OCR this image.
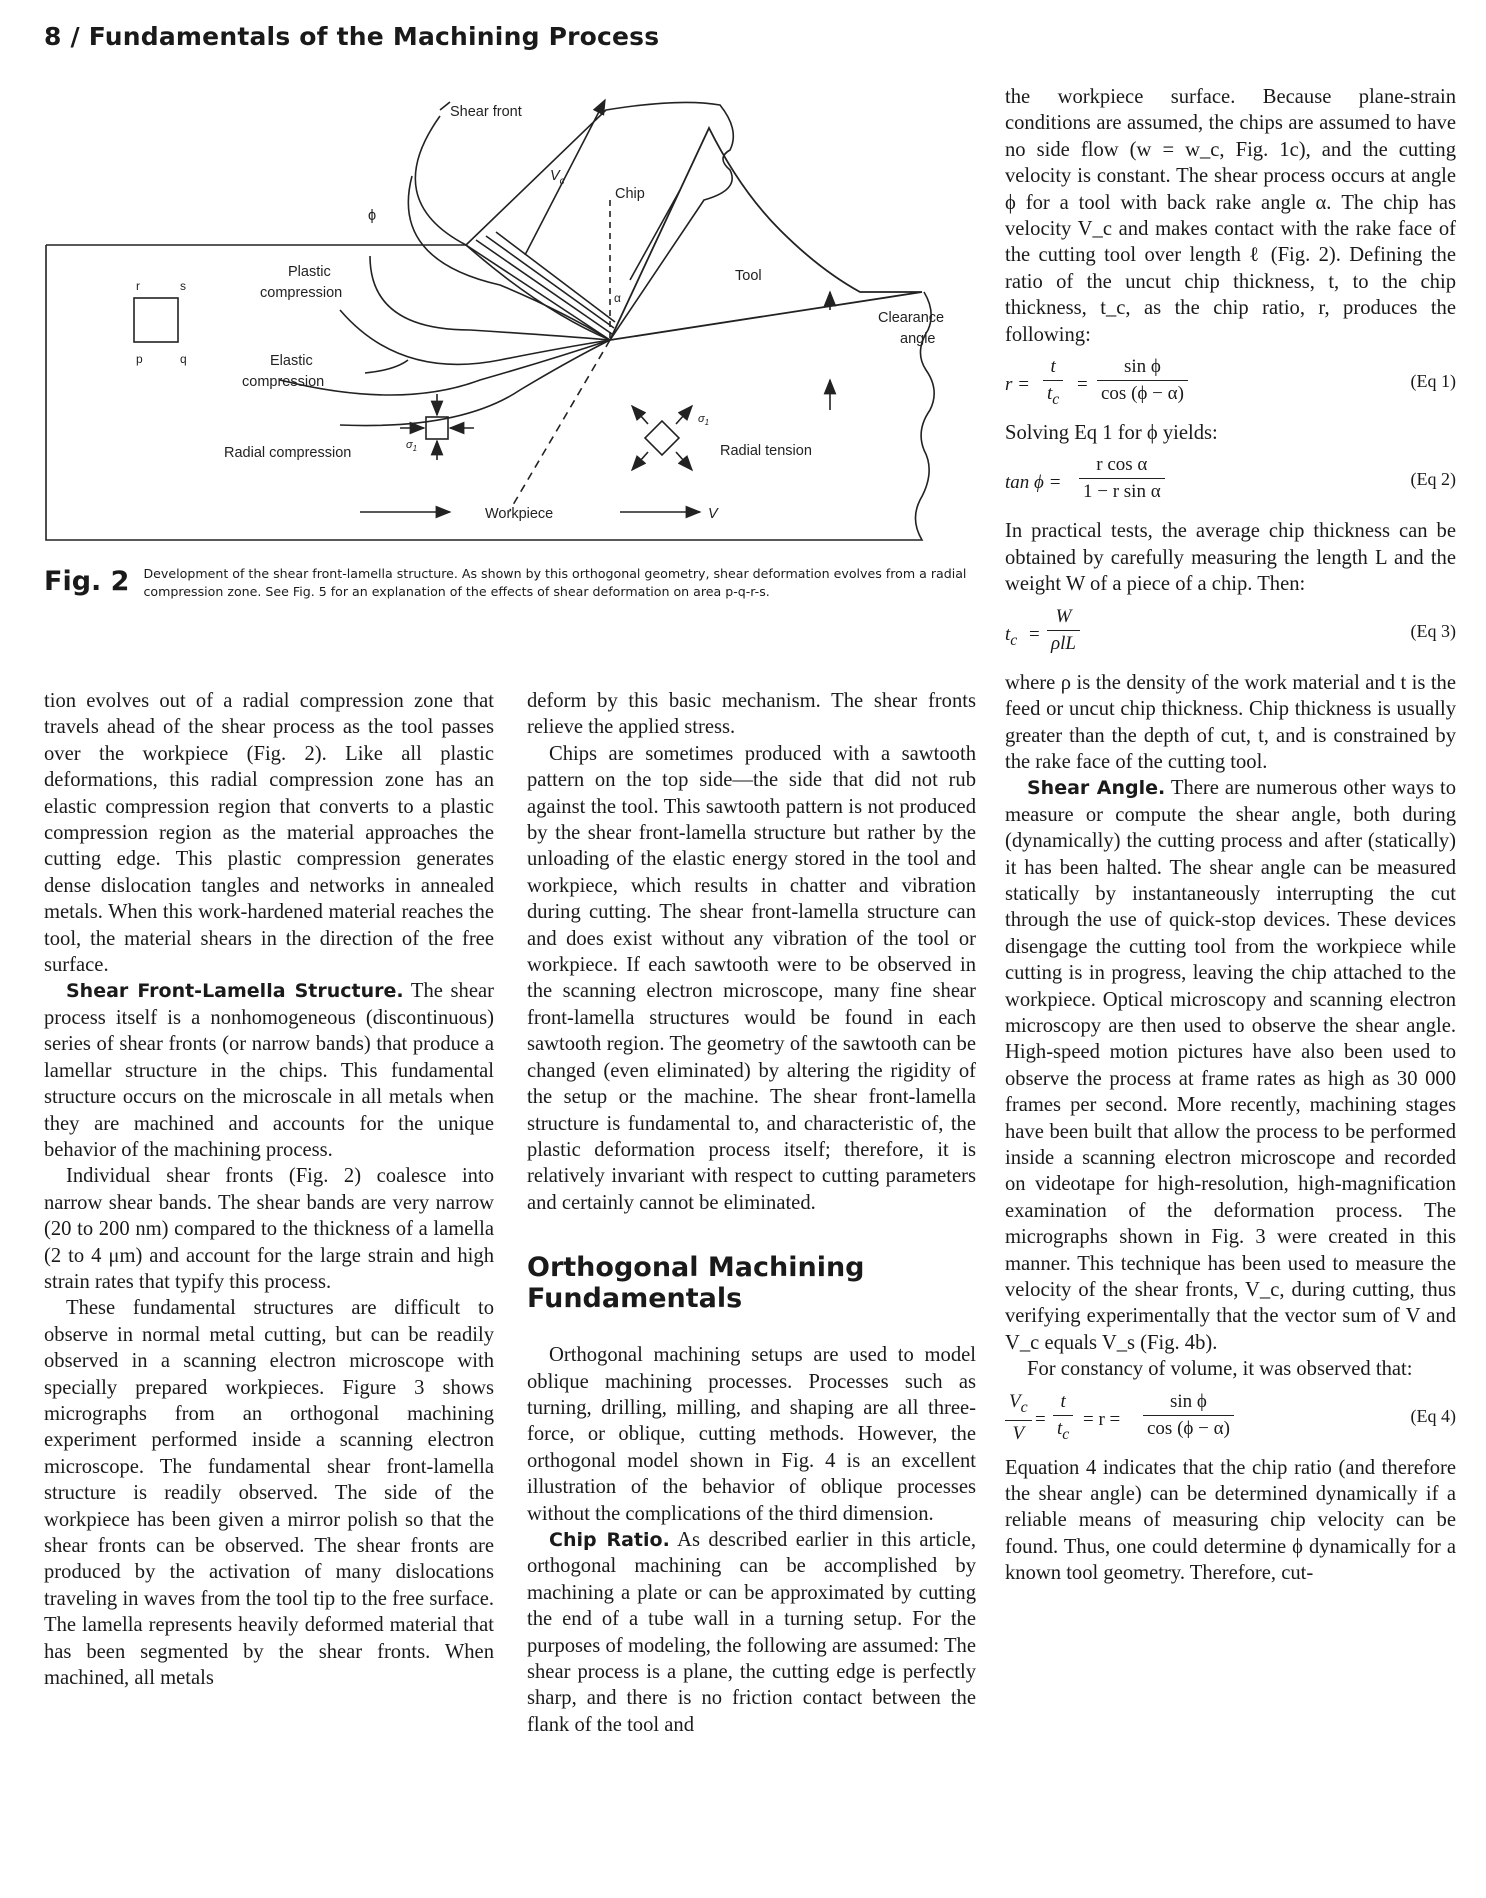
8 / Fundamentals of the Machining Process
Shear front
$V_c$
Chip
Tool
ϕ
α
Plastic
compression
Elastic
compression
Clearance
angle
r	s
p	q
$\sigma_1$
$\sigma_1$
Radial compression	Radial tension
Workpiece	V
Fig. 2 Development of the shear front-lamella structure. As shown by this orthogonal geometry, shear deformation evolves from a radial compression zone. See Fig. 5 for an explanation of the effects of shear deformation on area p-q-r-s.

tion evolves out of a radial compression zone that travels ahead of the shear process as the tool passes over the workpiece (Fig. 2). Like all plastic deformations, this radial compression zone has an elastic compression region that converts to a plastic compression region as the material approaches the cutting edge. This plastic compression generates dense dislocation tangles and networks in annealed metals. When this work-hardened material reaches the tool, the material shears in the direction of the free surface.

Shear Front-Lamella Structure. The shear process itself is a nonhomogeneous (discontinuous) series of shear fronts (or narrow bands) that produce a lamellar structure in the chips. This fundamental structure occurs on the microscale in all metals when they are machined and accounts for the unique behavior of the machining process.

Individual shear fronts (Fig. 2) coalesce into narrow shear bands. The shear bands are very narrow (20 to 200 nm) compared to the thickness of a lamella (2 to 4 μm) and account for the large strain and high strain rates that typify this process.

These fundamental structures are difficult to observe in normal metal cutting, but can be readily observed in a scanning electron microscope with specially prepared workpieces. Figure 3 shows micrographs from an orthogonal machining experiment performed inside a scanning electron microscope. The fundamental shear front-lamella structure is readily observed. The side of the workpiece has been given a mirror polish so that the shear fronts can be observed. The shear fronts are produced by the activation of many dislocations traveling in waves from the tool tip to the free surface. The lamella represents heavily deformed material that has been segmented by the shear fronts. When machined, all metals

deform by this basic mechanism. The shear fronts relieve the applied stress.

Chips are sometimes produced with a sawtooth pattern on the top side—the side that did not rub against the tool. This sawtooth pattern is not produced by the shear front-lamella structure but rather by the unloading of the elastic energy stored in the tool and workpiece, which results in chatter and vibration during cutting. The shear front-lamella structure can and does exist without any vibration of the tool or workpiece. If each sawtooth were to be observed in the scanning electron microscope, many fine shear front-lamella structures would be found in each sawtooth region. The geometry of the sawtooth can be changed (even eliminated) by altering the rigidity of the setup or the machine. The shear front-lamella structure is fundamental to, and characteristic of, the plastic deformation process itself; therefore, it is relatively invariant with respect to cutting parameters and certainly cannot be eliminated.

Orthogonal Machining Fundamentals

Orthogonal machining setups are used to model oblique machining processes. Processes such as turning, drilling, milling, and shaping are all three-force, or oblique, cutting methods. However, the orthogonal model shown in Fig. 4 is an excellent illustration of the behavior of oblique processes without the complications of the third dimension.

Chip Ratio. As described earlier in this article, orthogonal machining can be accomplished by machining a plate or can be approximated by cutting the end of a tube wall in a turning setup. For the purposes of modeling, the following are assumed: The shear process is a plane, the cutting edge is perfectly sharp, and there is no friction contact between the flank of the tool and

the workpiece surface. Because plane-strain conditions are assumed, the chips are assumed to have no side flow (w = w_c, Fig. 1c), and the cutting velocity is constant. The shear process occurs at angle ϕ for a tool with back rake angle α. The chip has velocity V_c and makes contact with the rake face of the cutting tool over length ℓ (Fig. 2). Defining the ratio of the uncut chip thickness, t, to the chip thickness, t_c, as the chip ratio, r, produces the following:

$r = \frac{t}{t_c} = \frac{\text{sin ϕ}}{\cos (\phi - \alpha)}$	(Eq 1)

Solving Eq 1 for ϕ yields:

$\tan \phi = \frac{\text{r cos α}}{\text{1 − r sin α}}$	(Eq 2)

In practical tests, the average chip thickness can be obtained by carefully measuring the length L and the weight W of a piece of a chip. Then:

$t_c$ =
W
ρlL
(Eq 3)

where ρ is the density of the work material and t is the feed or uncut chip thickness. Chip thickness is usually greater than the depth of cut, t, and is constrained by the rake face of the cutting tool.

Shear Angle. There are numerous other ways to measure or compute the shear angle, both during (dynamically) the cutting process and after (statically) it has been halted. The shear angle can be measured statically by instantaneously interrupting the cut through the use of quick-stop devices. These devices disengage the cutting tool from the workpiece while cutting is in progress, leaving the chip attached to the workpiece. Optical microscopy and scanning electron microscopy are then used to observe the shear angle. High-speed motion pictures have also been used to observe the process at frame rates as high as 30 000 frames per second. More recently, machining stages have been built that allow the process to be performed inside a scanning electron microscope and recorded on videotape for high-resolution, high-magnification examination of the deformation process. The micrographs shown in Fig. 3 were created in this manner. This technique has been used to measure the velocity of the shear fronts, V_c, during cutting, thus verifying experimentally that the vector sum of V and V_c equals V_s (Fig. 4b).

For constancy of volume, it was observed that:

$\frac{V_c}{V} = \frac{t}{t_c} = r = \frac{\text{sin ϕ}}{\cos (\phi - \alpha)}$	(Eq 4)

Equation 4 indicates that the chip ratio (and therefore the shear angle) can be determined dynamically if a reliable means of measuring chip velocity can be found. Thus, one could determine ϕ dynamically for a known tool geometry. Therefore, cut-
